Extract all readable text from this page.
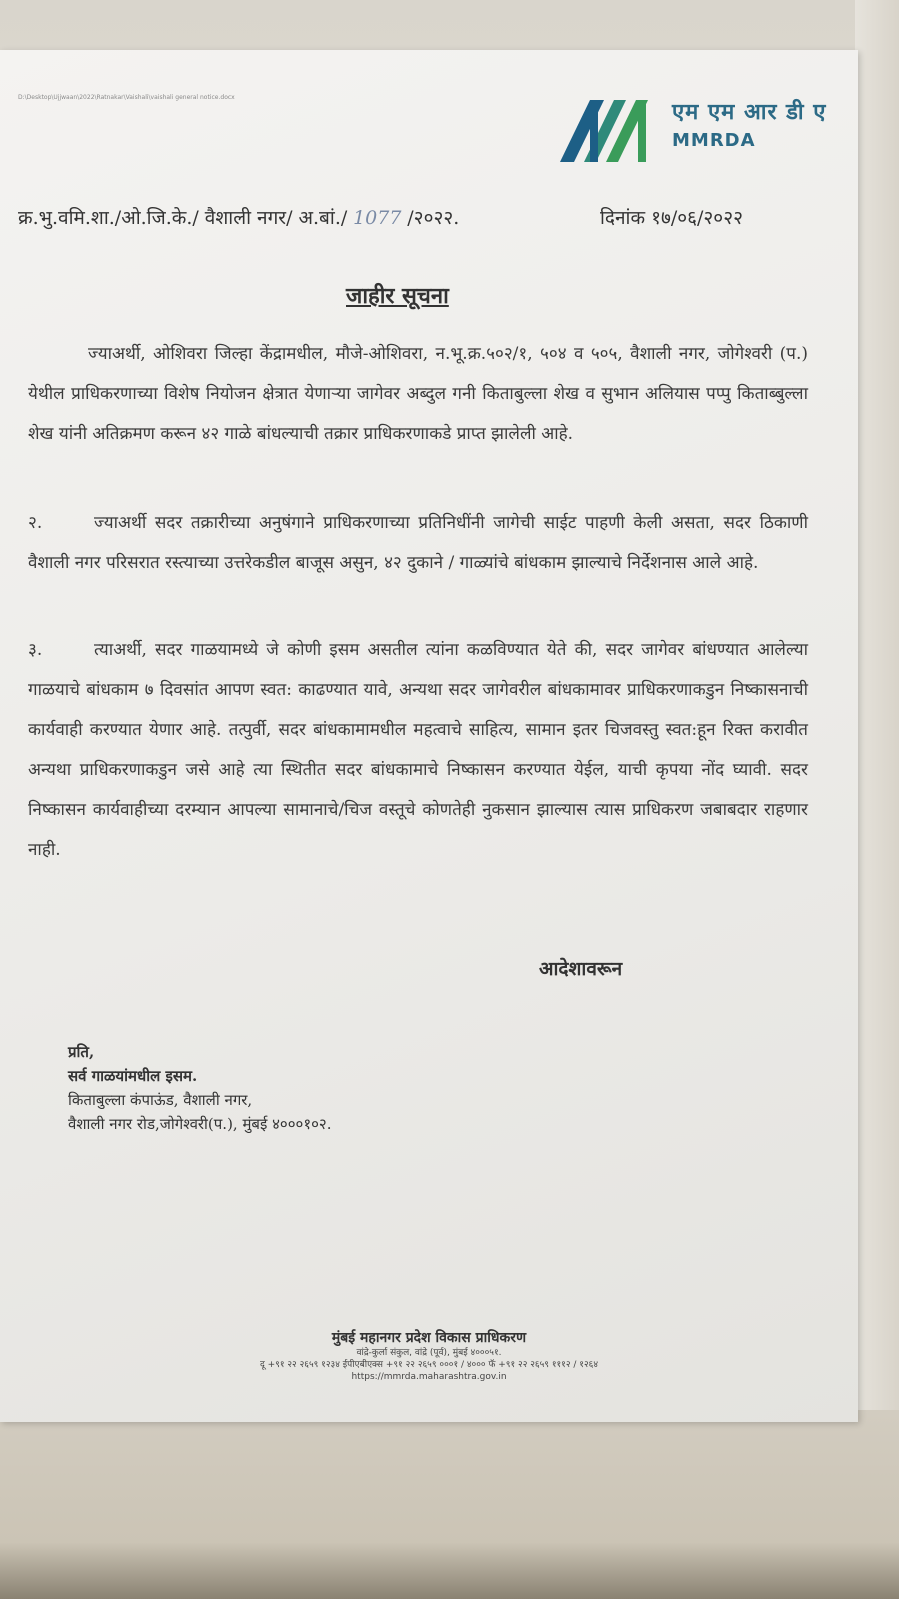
D:\Desktop\Ujjwaan\2022\Ratnakar\Vaishali\vaishali general notice.docx
एम एम आर डी ए
MMRDA
क्र.भु.वमि.शा./ओ.जि.के./ वैशाली नगर/ अ.बां./ 1077 /२०२२.	दिनांक १७/०६/२०२२
जाहीर सूचना
ज्याअर्थी, ओशिवरा जिल्हा केंद्रामधील, मौजे-ओशिवरा, न.भू.क्र.५०२/१, ५०४ व ५०५, वैशाली नगर, जोगेश्वरी (प.) येथील प्राधिकरणाच्या विशेष नियोजन क्षेत्रात येणाऱ्या जागेवर अब्दुल गनी किताबुल्ला शेख व सुभान अलियास पप्पु किताब्बुल्ला शेख यांनी अतिक्रमण करून ४२ गाळे बांधल्याची तक्रार प्राधिकरणाकडे प्राप्त झालेली आहे.
२.	ज्याअर्थी सदर तक्रारीच्या अनुषंगाने प्राधिकरणाच्या प्रतिनिधींनी जागेची साईट पाहणी केली असता, सदर ठिकाणी वैशाली नगर परिसरात रस्त्याच्या उत्तरेकडील बाजूस असुन, ४२ दुकाने / गाळ्यांचे बांधकाम झाल्याचे निर्देशनास आले आहे.
३.	त्याअर्थी, सदर गाळयामध्ये जे कोणी इसम असतील त्यांना कळविण्यात येते की, सदर जागेवर बांधण्यात आलेल्या गाळयाचे बांधकाम ७ दिवसांत आपण स्वत: काढण्यात यावे, अन्यथा सदर जागेवरील बांधकामावर प्राधिकरणाकडुन निष्कासनाची कार्यवाही करण्यात येणार आहे. तत्पुर्वी, सदर बांधकामामधील महत्वाचे साहित्य, सामान इतर चिजवस्तु स्वत:हून रिक्त करावीत अन्यथा प्राधिकरणाकडुन जसे आहे त्या स्थितीत सदर बांधकामाचे निष्कासन करण्यात येईल, याची कृपया नोंद घ्यावी. सदर निष्कासन कार्यवाहीच्या दरम्यान आपल्या सामानाचे/चिज वस्तूचे कोणतेही नुकसान झाल्यास त्यास प्राधिकरण जबाबदार राहणार नाही.
आदेशावरून
प्रति,
सर्व गाळयांमधील इसम.
किताबुल्ला कंपाऊंड, वैशाली नगर,
वैशाली नगर रोड,जोगेश्वरी(प.), मुंबई ४०००१०२.
मुंबई महानगर प्रदेश विकास प्राधिकरण
वांद्रे-कुर्ला संकुल, वांद्रे (पूर्व), मुंबई ४०००५१.
दू +९१ २२ २६५९ १२३४ ईपीएबीएक्स +९१ २२ २६५९ ०००१ / ४००० फॅ +९१ २२ २६५९ १११२ / १२६४
https://mmrda.maharashtra.gov.in
